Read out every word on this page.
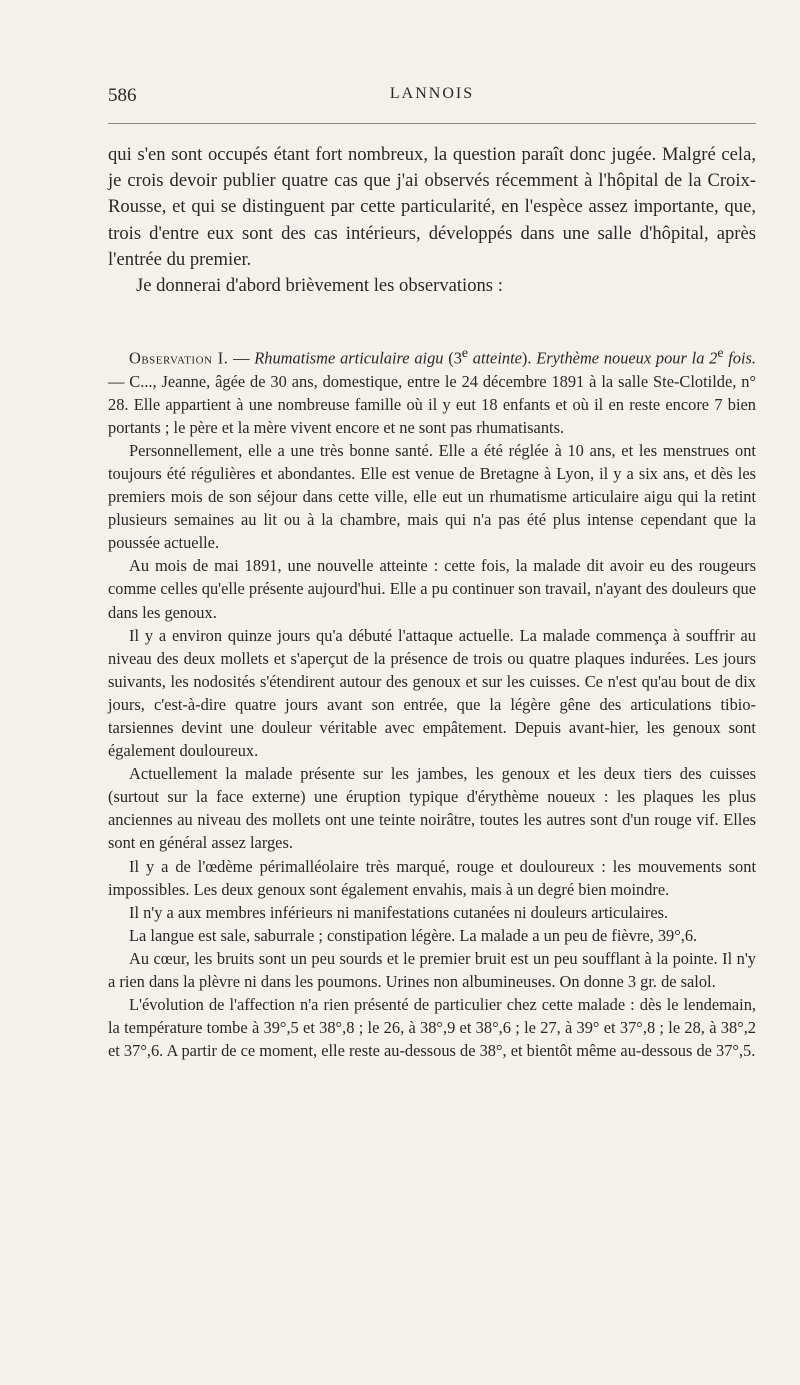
586	LANNOIS

qui s'en sont occupés étant fort nombreux, la question paraît donc jugée. Malgré cela, je crois devoir publier quatre cas que j'ai observés récemment à l'hôpital de la Croix-Rousse, et qui se distinguent par cette particularité, en l'espèce assez importante, que, trois d'entre eux sont des cas intérieurs, développés dans une salle d'hôpital, après l'entrée du premier.

Je donnerai d'abord brièvement les observations :

Observation I. — Rhumatisme articulaire aigu (3e atteinte). Erythème noueux pour la 2e fois. — C..., Jeanne, âgée de 30 ans, domestique, entre le 24 décembre 1891 à la salle Ste-Clotilde, n° 28. Elle appartient à une nombreuse famille où il y eut 18 enfants et où il en reste encore 7 bien portants ; le père et la mère vivent encore et ne sont pas rhumatisants.

Personnellement, elle a une très bonne santé. Elle a été réglée à 10 ans, et les menstrues ont toujours été régulières et abondantes. Elle est venue de Bretagne à Lyon, il y a six ans, et dès les premiers mois de son séjour dans cette ville, elle eut un rhumatisme articulaire aigu qui la retint plusieurs semaines au lit ou à la chambre, mais qui n'a pas été plus intense cependant que la poussée actuelle.

Au mois de mai 1891, une nouvelle atteinte : cette fois, la malade dit avoir eu des rougeurs comme celles qu'elle présente aujourd'hui. Elle a pu continuer son travail, n'ayant des douleurs que dans les genoux.

Il y a environ quinze jours qu'a débuté l'attaque actuelle. La malade commença à souffrir au niveau des deux mollets et s'aperçut de la présence de trois ou quatre plaques indurées. Les jours suivants, les nodosités s'étendirent autour des genoux et sur les cuisses. Ce n'est qu'au bout de dix jours, c'est-à-dire quatre jours avant son entrée, que la légère gêne des articulations tibio-tarsiennes devint une douleur véritable avec empâtement. Depuis avant-hier, les genoux sont également douloureux.

Actuellement la malade présente sur les jambes, les genoux et les deux tiers des cuisses (surtout sur la face externe) une éruption typique d'érythème noueux : les plaques les plus anciennes au niveau des mollets ont une teinte noirâtre, toutes les autres sont d'un rouge vif. Elles sont en général assez larges.

Il y a de l'œdème périmalléolaire très marqué, rouge et douloureux : les mouvements sont impossibles. Les deux genoux sont également envahis, mais à un degré bien moindre.

Il n'y a aux membres inférieurs ni manifestations cutanées ni douleurs articulaires.

La langue est sale, saburrale ; constipation légère. La malade a un peu de fièvre, 39°,6.

Au cœur, les bruits sont un peu sourds et le premier bruit est un peu soufflant à la pointe. Il n'y a rien dans la plèvre ni dans les poumons. Urines non albumineuses. On donne 3 gr. de salol.

L'évolution de l'affection n'a rien présenté de particulier chez cette malade : dès le lendemain, la température tombe à 39°,5 et 38°,8 ; le 26, à 38°,9 et 38°,6 ; le 27, à 39° et 37°,8 ; le 28, à 38°,2 et 37°,6. A partir de ce moment, elle reste au-dessous de 38°, et bientôt même au-dessous de 37°,5.
